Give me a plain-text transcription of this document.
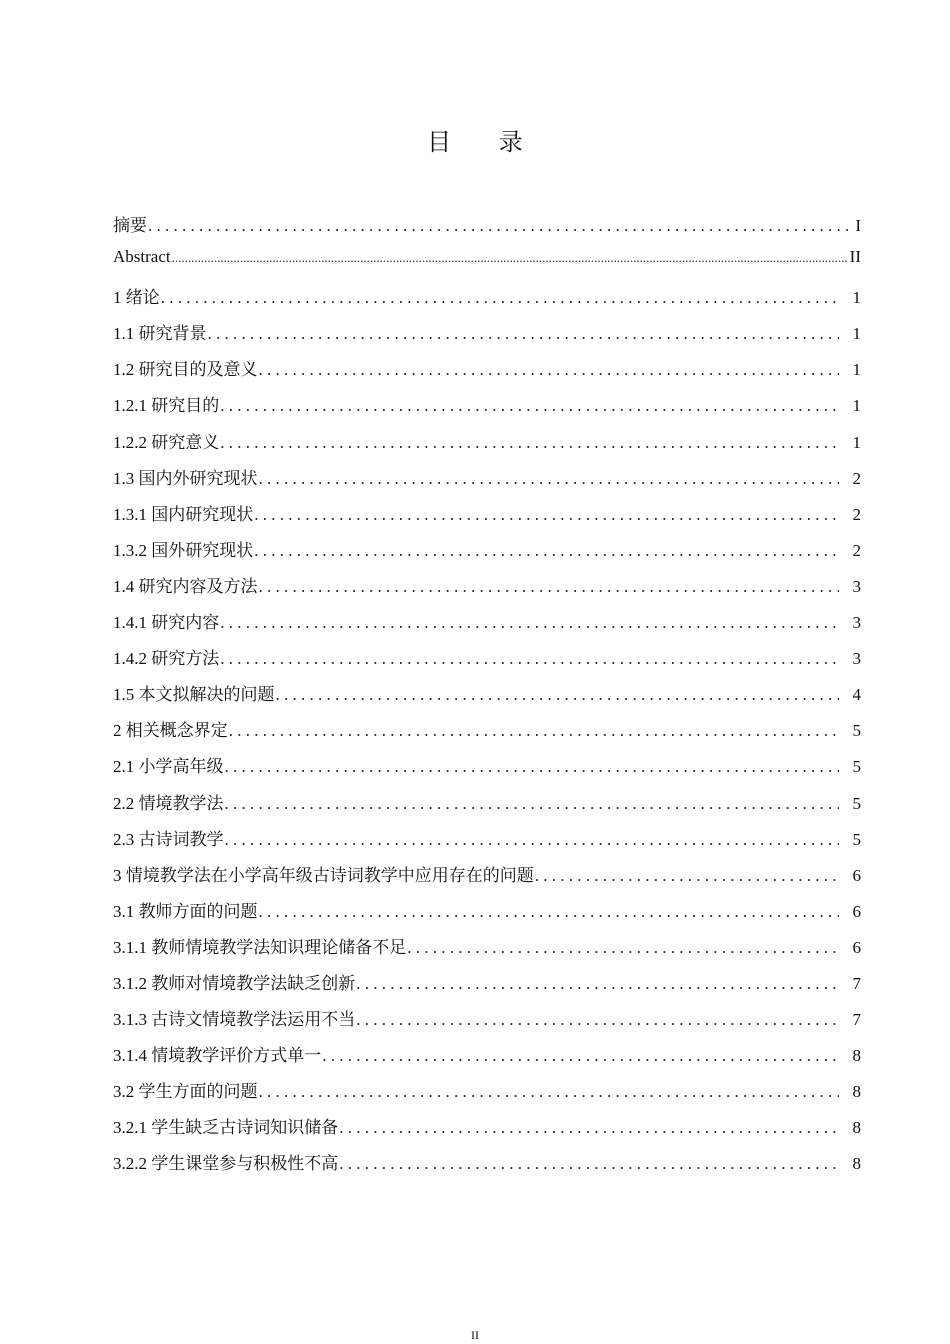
目 录
摘要 . . .	I
Abstract .....	II
1 绪论 . . .	1
1.1 研究背景 . . .	1
1.2 研究目的及意义 . . .	1
1.2.1 研究目的 . . .	1
1.2.2 研究意义 . . .	1
1.3 国内外研究现状 . . .	2
1.3.1 国内研究现状 . . .	2
1.3.2 国外研究现状 . . .	2
1.4 研究内容及方法 . . .	3
1.4.1 研究内容 . . .	3
1.4.2 研究方法 . . .	3
1.5 本文拟解决的问题 . . .	4
2 相关概念界定 . . .	5
2.1 小学高年级 . . .	5
2.2 情境教学法 . . .	5
2.3 古诗词教学 . . .	5
3 情境教学法在小学高年级古诗词教学中应用存在的问题 . . .	6
3.1 教师方面的问题 . . .	6
3.1.1 教师情境教学法知识理论储备不足 . . .	6
3.1.2 教师对情境教学法缺乏创新 . . .	7
3.1.3 古诗文情境教学法运用不当 . . .	7
3.1.4 情境教学评价方式单一 . . .	8
3.2 学生方面的问题 . . .	8
3.2.1 学生缺乏古诗词知识储备 . . .	8
3.2.2 学生课堂参与积极性不高 . . .	8
II
